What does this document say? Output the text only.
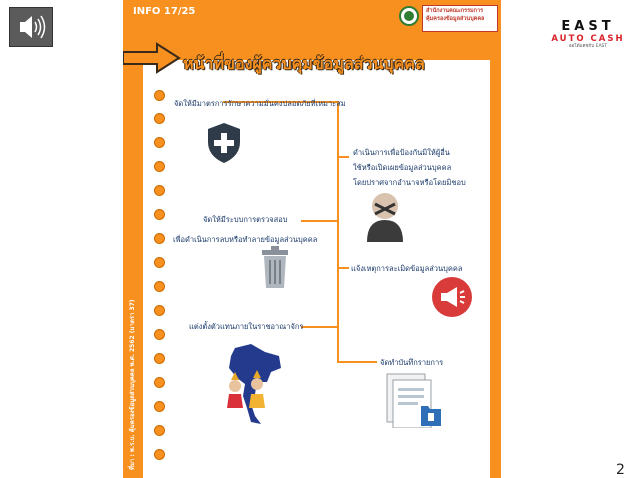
EAST
AUTO CASH
ออโต้แคชกับ EAST
INFO 17/25	สำนักงานคณะกรรมการ
คุ้มครองข้อมูลส่วนบุคคล
หน้าที่ของผู้ควบคุมข้อมูลส่วนบุคคล
ที่มา : พ.ร.บ. คุ้มครองข้อมูลส่วนบุคคล พ.ศ. 2562 (มาตรา 37)
จัดให้มีมาตรการรักษาความมั่นคงปลอดภัยที่เหมาะสม
ดำเนินการเพื่อป้องกันมิให้ผู้อื่น
ใช้หรือเปิดเผยข้อมูลส่วนบุคคล
โดยปราศจากอำนาจหรือโดยมิชอบ
จัดให้มีระบบการตรวจสอบ
เพื่อดำเนินการลบหรือทำลายข้อมูลส่วนบุคคล
แจ้งเหตุการละเมิดข้อมูลส่วนบุคคล
แต่งตั้งตัวแทนภายในราชอาณาจักร
จัดทำบันทึกรายการ
2
